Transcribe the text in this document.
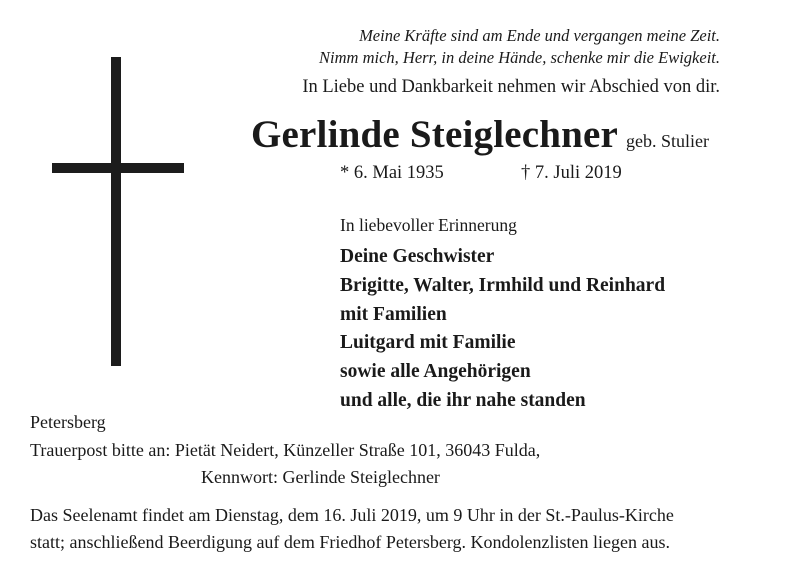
Meine Kräfte sind am Ende und vergangen meine Zeit.
Nimm mich, Herr, in deine Hände, schenke mir die Ewigkeit.
In Liebe und Dankbarkeit nehmen wir Abschied von dir.
Gerlinde Steiglechner geb. Stulier
* 6. Mai 1935	† 7. Juli 2019
In liebevoller Erinnerung
Deine Geschwister
Brigitte, Walter, Irmhild und Reinhard
mit Familien
Luitgard mit Familie
sowie alle Angehörigen
und alle, die ihr nahe standen
Petersberg
Trauerpost bitte an: Pietät Neidert, Künzeller Straße 101, 36043 Fulda,
Kennwort: Gerlinde Steiglechner
Das Seelenamt findet am Dienstag, dem 16. Juli 2019, um 9 Uhr in der St.-Paulus-Kirche
statt; anschließend Beerdigung auf dem Friedhof Petersberg. Kondolenzlisten liegen aus.
